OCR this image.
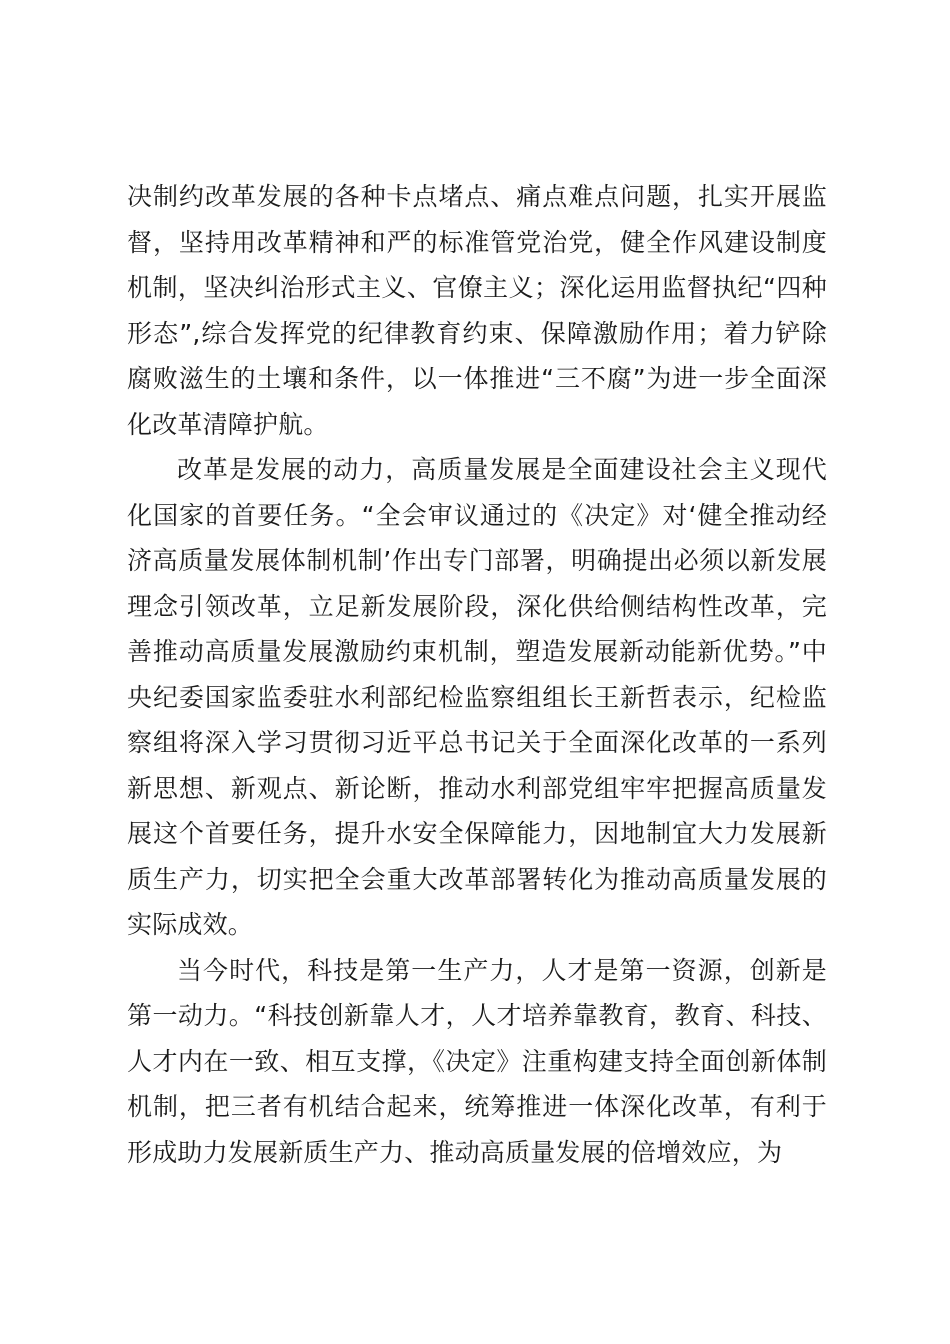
决制约改革发展的各种卡点堵点、痛点难点问题，扎实开展监督，坚持用改革精神和严的标准管党治党，健全作风建设制度机制，坚决纠治形式主义、官僚主义；深化运用监督执纪“四种形态”,综合发挥党的纪律教育约束、保障激励作用；着力铲除腐败滋生的土壤和条件，以一体推进“三不腐”为进一步全面深化改革清障护航。

改革是发展的动力，高质量发展是全面建设社会主义现代化国家的首要任务。“全会审议通过的《决定》对‘健全推动经济高质量发展体制机制’作出专门部署，明确提出必须以新发展理念引领改革，立足新发展阶段，深化供给侧结构性改革，完善推动高质量发展激励约束机制，塑造发展新动能新优势。”中央纪委国家监委驻水利部纪检监察组组长王新哲表示，纪检监察组将深入学习贯彻习近平总书记关于全面深化改革的一系列新思想、新观点、新论断，推动水利部党组牢牢把握高质量发展这个首要任务，提升水安全保障能力，因地制宜大力发展新质生产力，切实把全会重大改革部署转化为推动高质量发展的实际成效。

当今时代，科技是第一生产力，人才是第一资源，创新是第一动力。“科技创新靠人才，人才培养靠教育，教育、科技、人才内在一致、相互支撑，《决定》注重构建支持全面创新体制机制，把三者有机结合起来，统筹推进一体深化改革，有利于形成助力发展新质生产力、推动高质量发展的倍增效应，为
